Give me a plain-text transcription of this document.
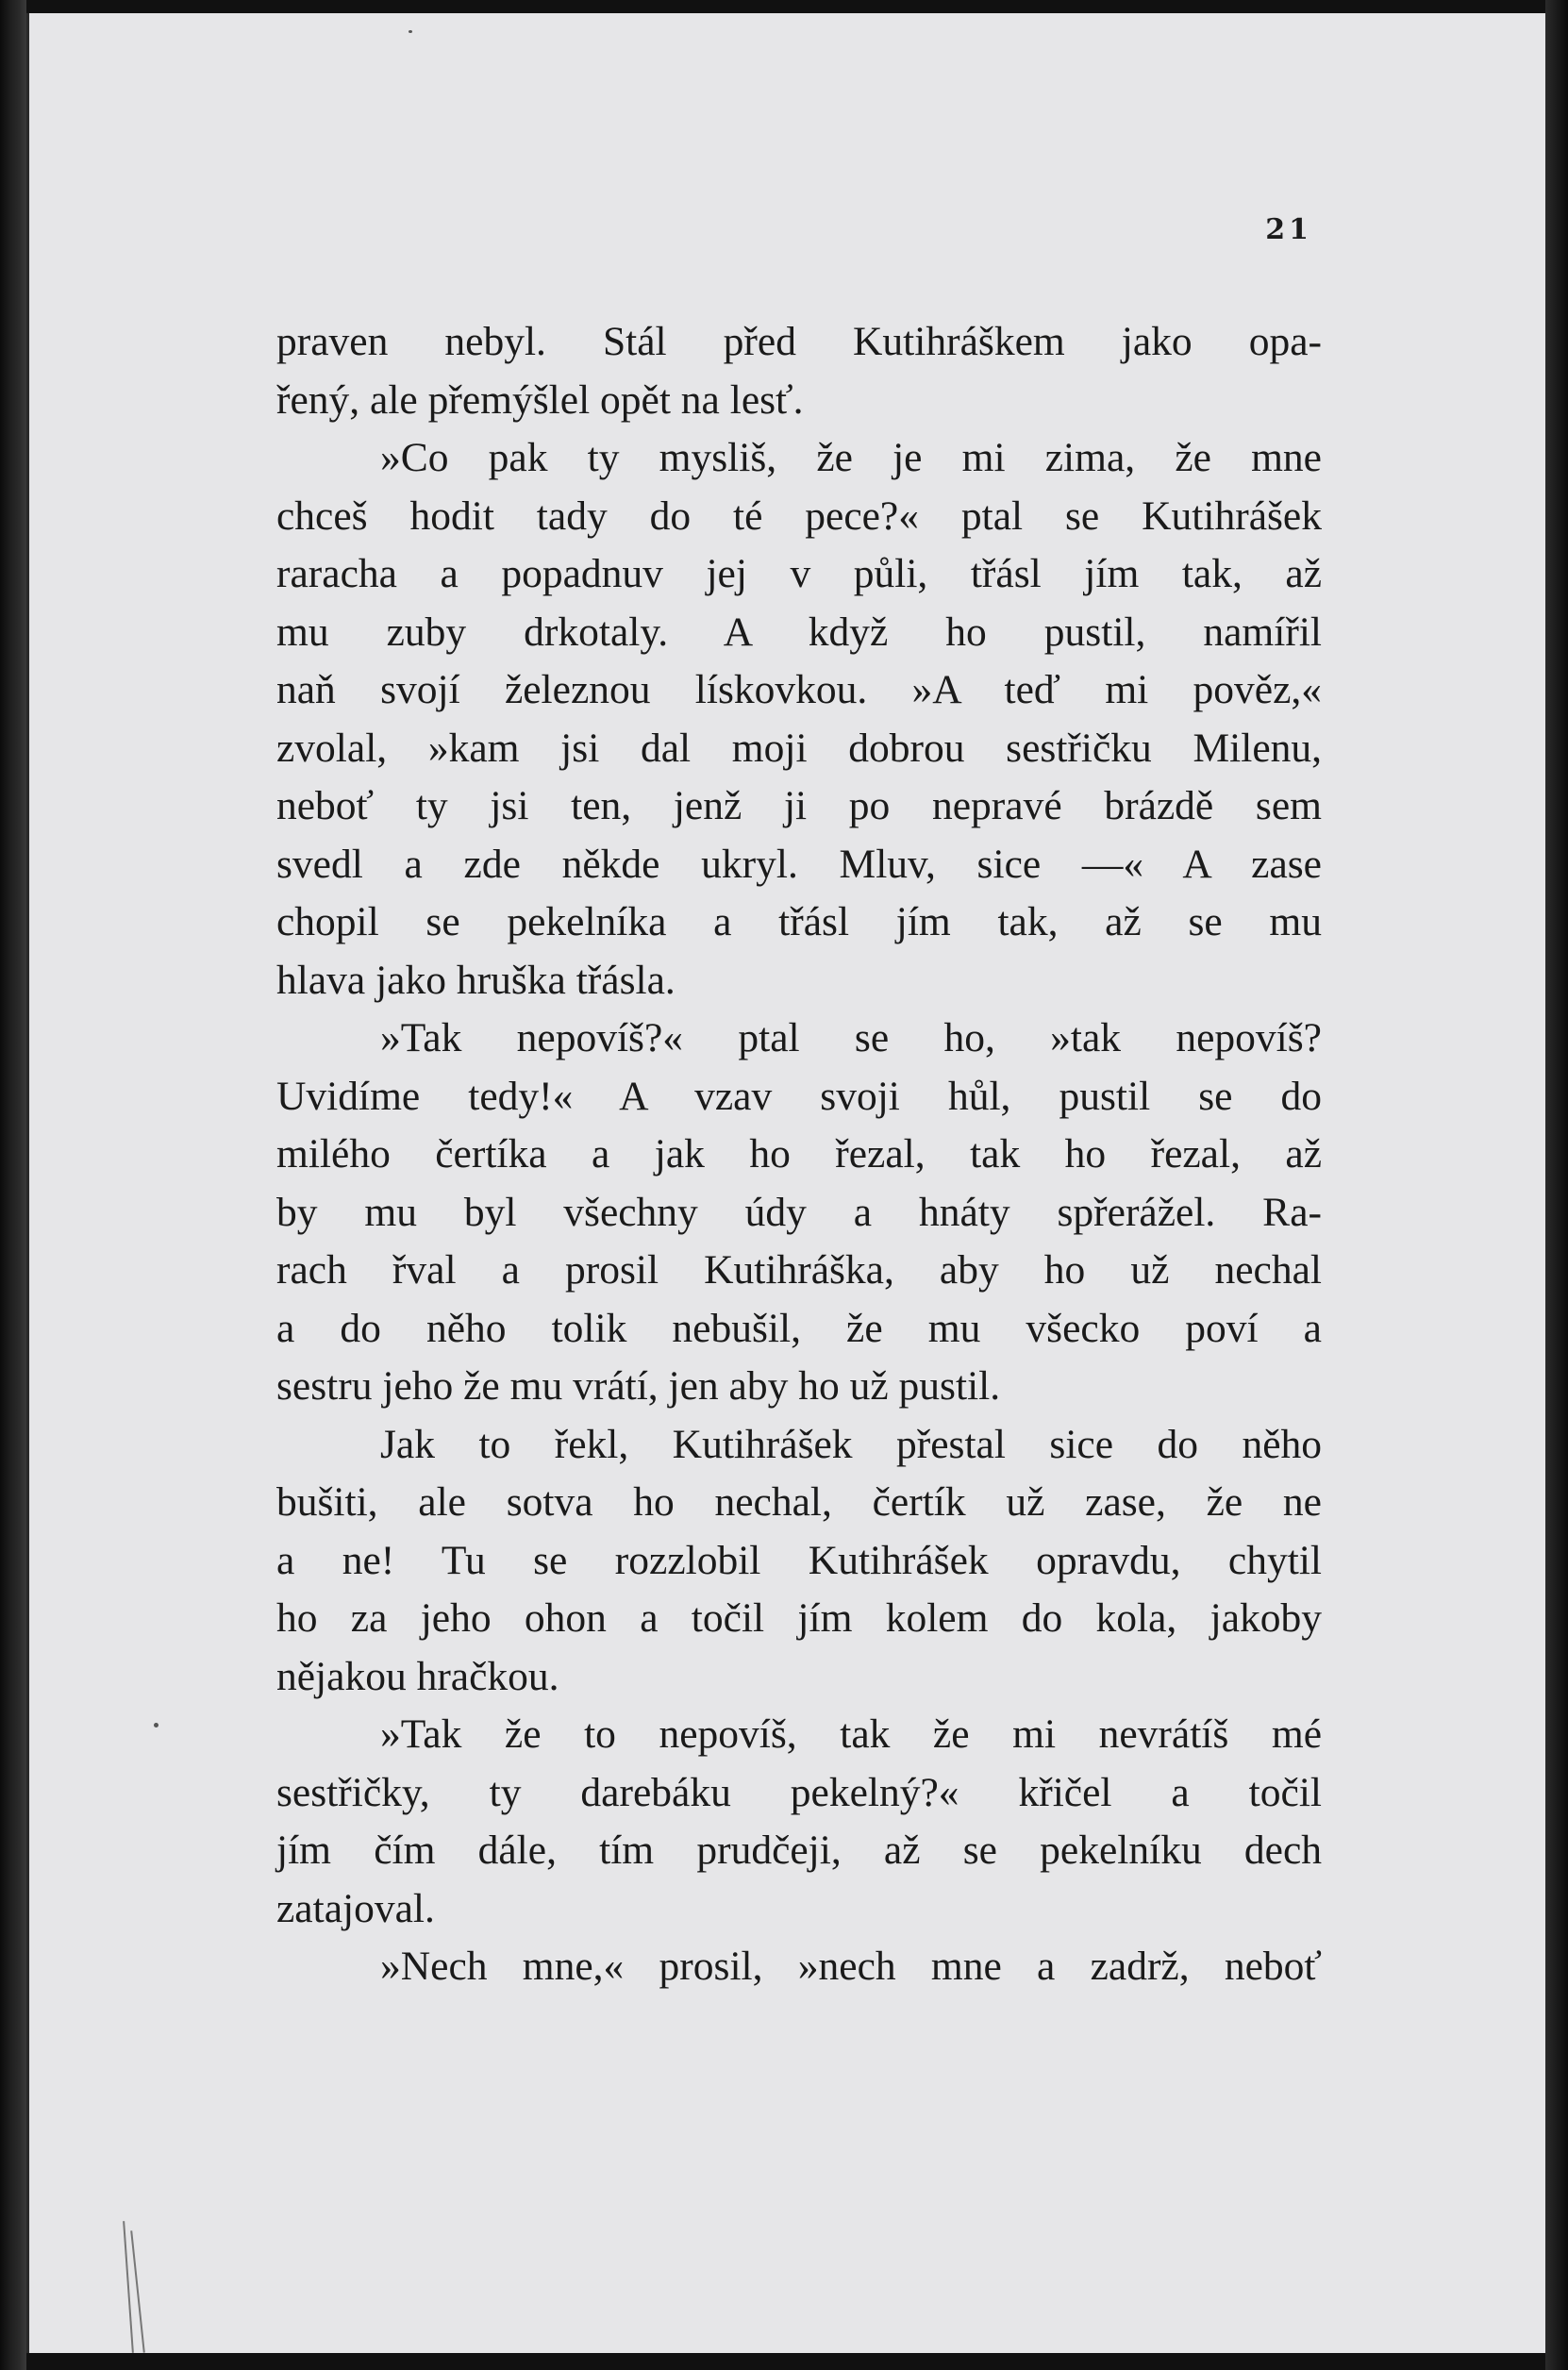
21
praven nebyl. Stál před Kutihráškem jako opa-
řený, ale přemýšlel opět na lesť.
»Co pak ty mysliš, že je mi zima, že mne
chceš hodit tady do té pece?« ptal se Kutihrášek
raracha a popadnuv jej v půli, třásl jím tak, až
mu zuby drkotaly. A když ho pustil, namířil
naň svojí železnou lískovkou. »A teď mi pověz,«
zvolal, »kam jsi dal moji dobrou sestřičku Milenu,
neboť ty jsi ten, jenž ji po nepravé brázdě sem
svedl a zde někde ukryl. Mluv, sice —« A zase
chopil se pekelníka a třásl jím tak, až se mu
hlava jako hruška třásla.
»Tak nepovíš?« ptal se ho, »tak nepovíš?
Uvidíme tedy!« A vzav svoji hůl, pustil se do
milého čertíka a jak ho řezal, tak ho řezal, až
by mu byl všechny údy a hnáty spřerážel. Ra-
rach řval a prosil Kutihráška, aby ho už nechal
a do něho tolik nebušil, že mu všecko poví a
sestru jeho že mu vrátí, jen aby ho už pustil.
Jak to řekl, Kutihrášek přestal sice do něho
bušiti, ale sotva ho nechal, čertík už zase, že ne
a ne! Tu se rozzlobil Kutihrášek opravdu, chytil
ho za jeho ohon a točil jím kolem do kola, jakoby
nějakou hračkou.
»Tak že to nepovíš, tak že mi nevrátíš mé
sestřičky, ty darebáku pekelný?« křičel a točil
jím čím dále, tím prudčeji, až se pekelníku dech
zatajoval.
»Nech mne,« prosil, »nech mne a zadrž, neboť
